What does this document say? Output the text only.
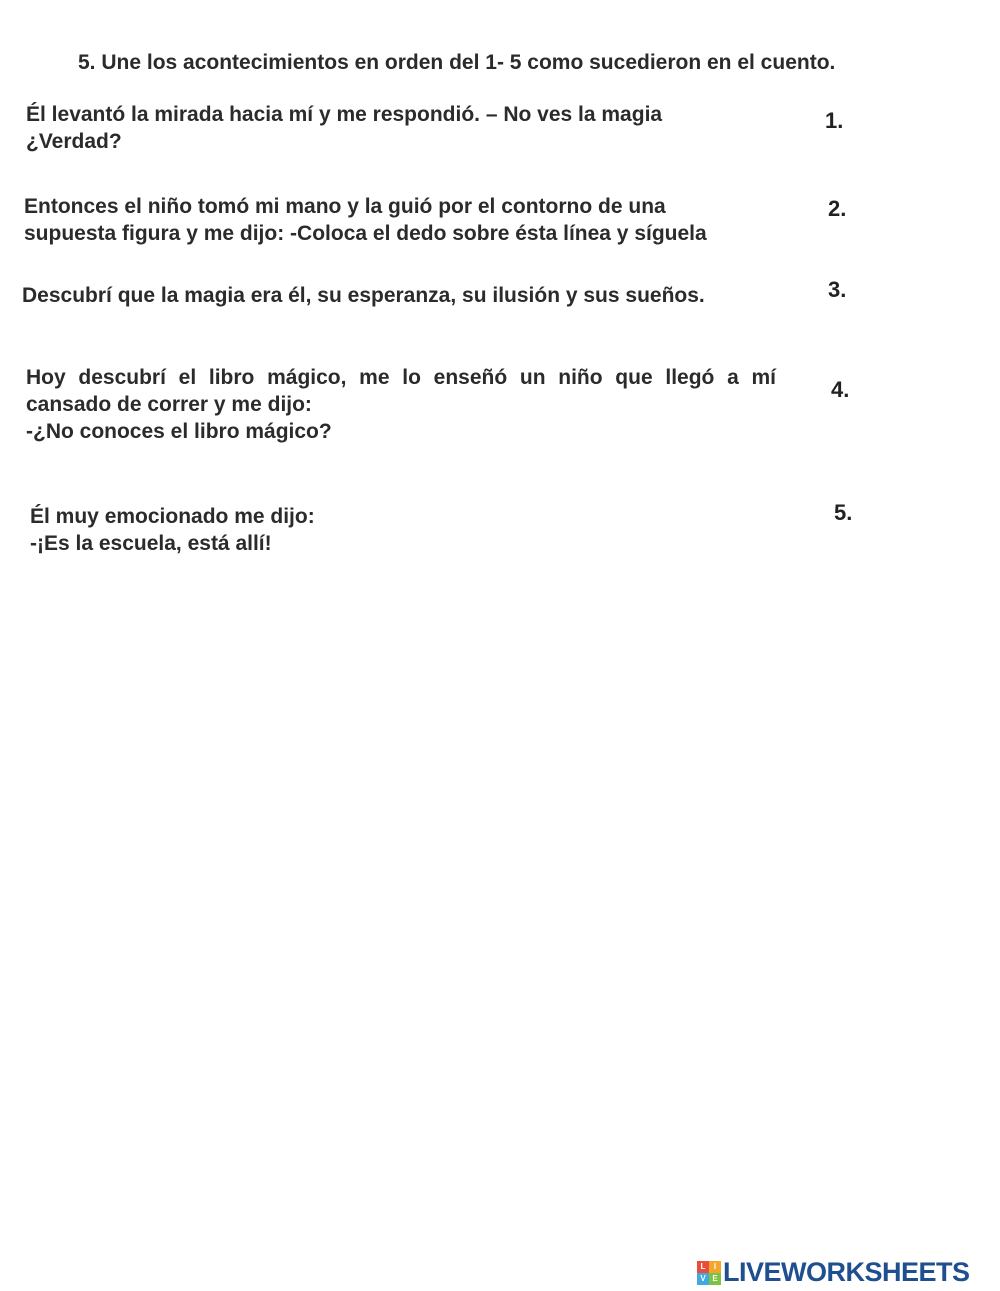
5. Une los acontecimientos en orden del 1- 5 como sucedieron en el cuento.
Él levantó la mirada hacia mí y me respondió. – No ves la magia
¿Verdad?
Entonces el niño tomó mi mano y la guió por el contorno de una
supuesta figura y me dijo: -Coloca el dedo sobre ésta línea y síguela
Descubrí que la magia era él, su esperanza, su ilusión y sus sueños.
Hoy descubrí el libro mágico, me lo enseñó un niño que llegó a mí
cansado de correr y me dijo:
-¿No conoces el libro mágico?
Él muy emocionado me dijo:
-¡Es la escuela, está allí!
1.
2.
3.
4.
5.
L	I
V E LIVEWORKSHEETS
